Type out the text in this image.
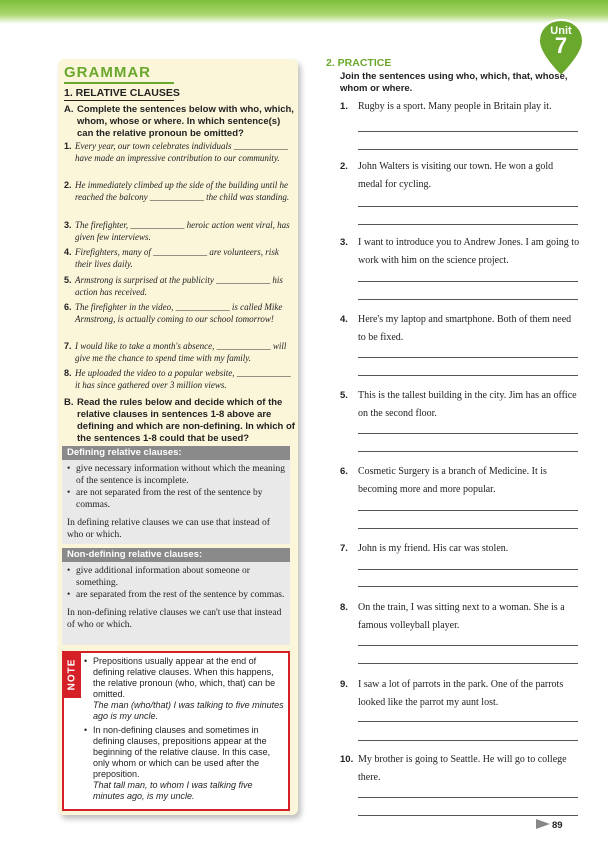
Unit
7
GRAMMAR
1. RELATIVE CLAUSES
A. Complete the sentences below with who, which, whom, whose or where. In which sentence(s) can the relative pronoun be omitted?
1. Every year, our town celebrates individuals ____________ have made an impressive contribution to our community.
2. He immediately climbed up the side of the building until he reached the balcony ____________ the child was standing.
3. The firefighter, ____________ heroic action went viral, has given few interviews.
4. Firefighters, many of ____________ are volunteers, risk their lives daily.
5. Armstrong is surprised at the publicity ____________ his action has received.
6. The firefighter in the video, ____________ is called Mike Armstrong, is actually coming to our school tomorrow!
7. I would like to take a month's absence, ____________ will give me the chance to spend time with my family.
8. He uploaded the video to a popular website, ____________ it has since gathered over 3 million views.
B. Read the rules below and decide which of the relative clauses in sentences 1-8 above are defining and which are non-defining. In which of the sentences 1-8 could that be used?
Defining relative clauses:
• give necessary information without which the meaning of the sentence is incomplete.
• are not separated from the rest of the sentence by commas.
In defining relative clauses we can use that instead of who or which.
Non-defining relative clauses:
• give additional information about someone or something.
• are separated from the rest of the sentence by commas.
In non-defining relative clauses we can't use that instead of who or which.
NOTE
•	Prepositions usually appear at the end of defining relative clauses. When this happens, the relative pronoun (who, which, that) can be omitted.
The man (who/that) I was talking to five minutes ago is my uncle.
• In non-defining clauses and sometimes in defining clauses, prepositions appear at the beginning of the relative clause. In this case, only whom or which can be used after the preposition.
That tall man, to whom I was talking five minutes ago, is my uncle.
2. PRACTICE
Join the sentences using who, which, that, whose, whom or where.
1. Rugby is a sport. Many people in Britain play it.
2. John Walters is visiting our town. He won a gold medal for cycling.
3. I want to introduce you to Andrew Jones. I am going to work with him on the science project.
4. Here's my laptop and smartphone. Both of them need to be fixed.
5. This is the tallest building in the city. Jim has an office on the second floor.
6. Cosmetic Surgery is a branch of Medicine. It is becoming more and more popular.
7. John is my friend. His car was stolen.
8. On the train, I was sitting next to a woman. She is a famous volleyball player.
9. I saw a lot of parrots in the park. One of the parrots looked like the parrot my aunt lost.
10. My brother is going to Seattle. He will go to college there.
89
